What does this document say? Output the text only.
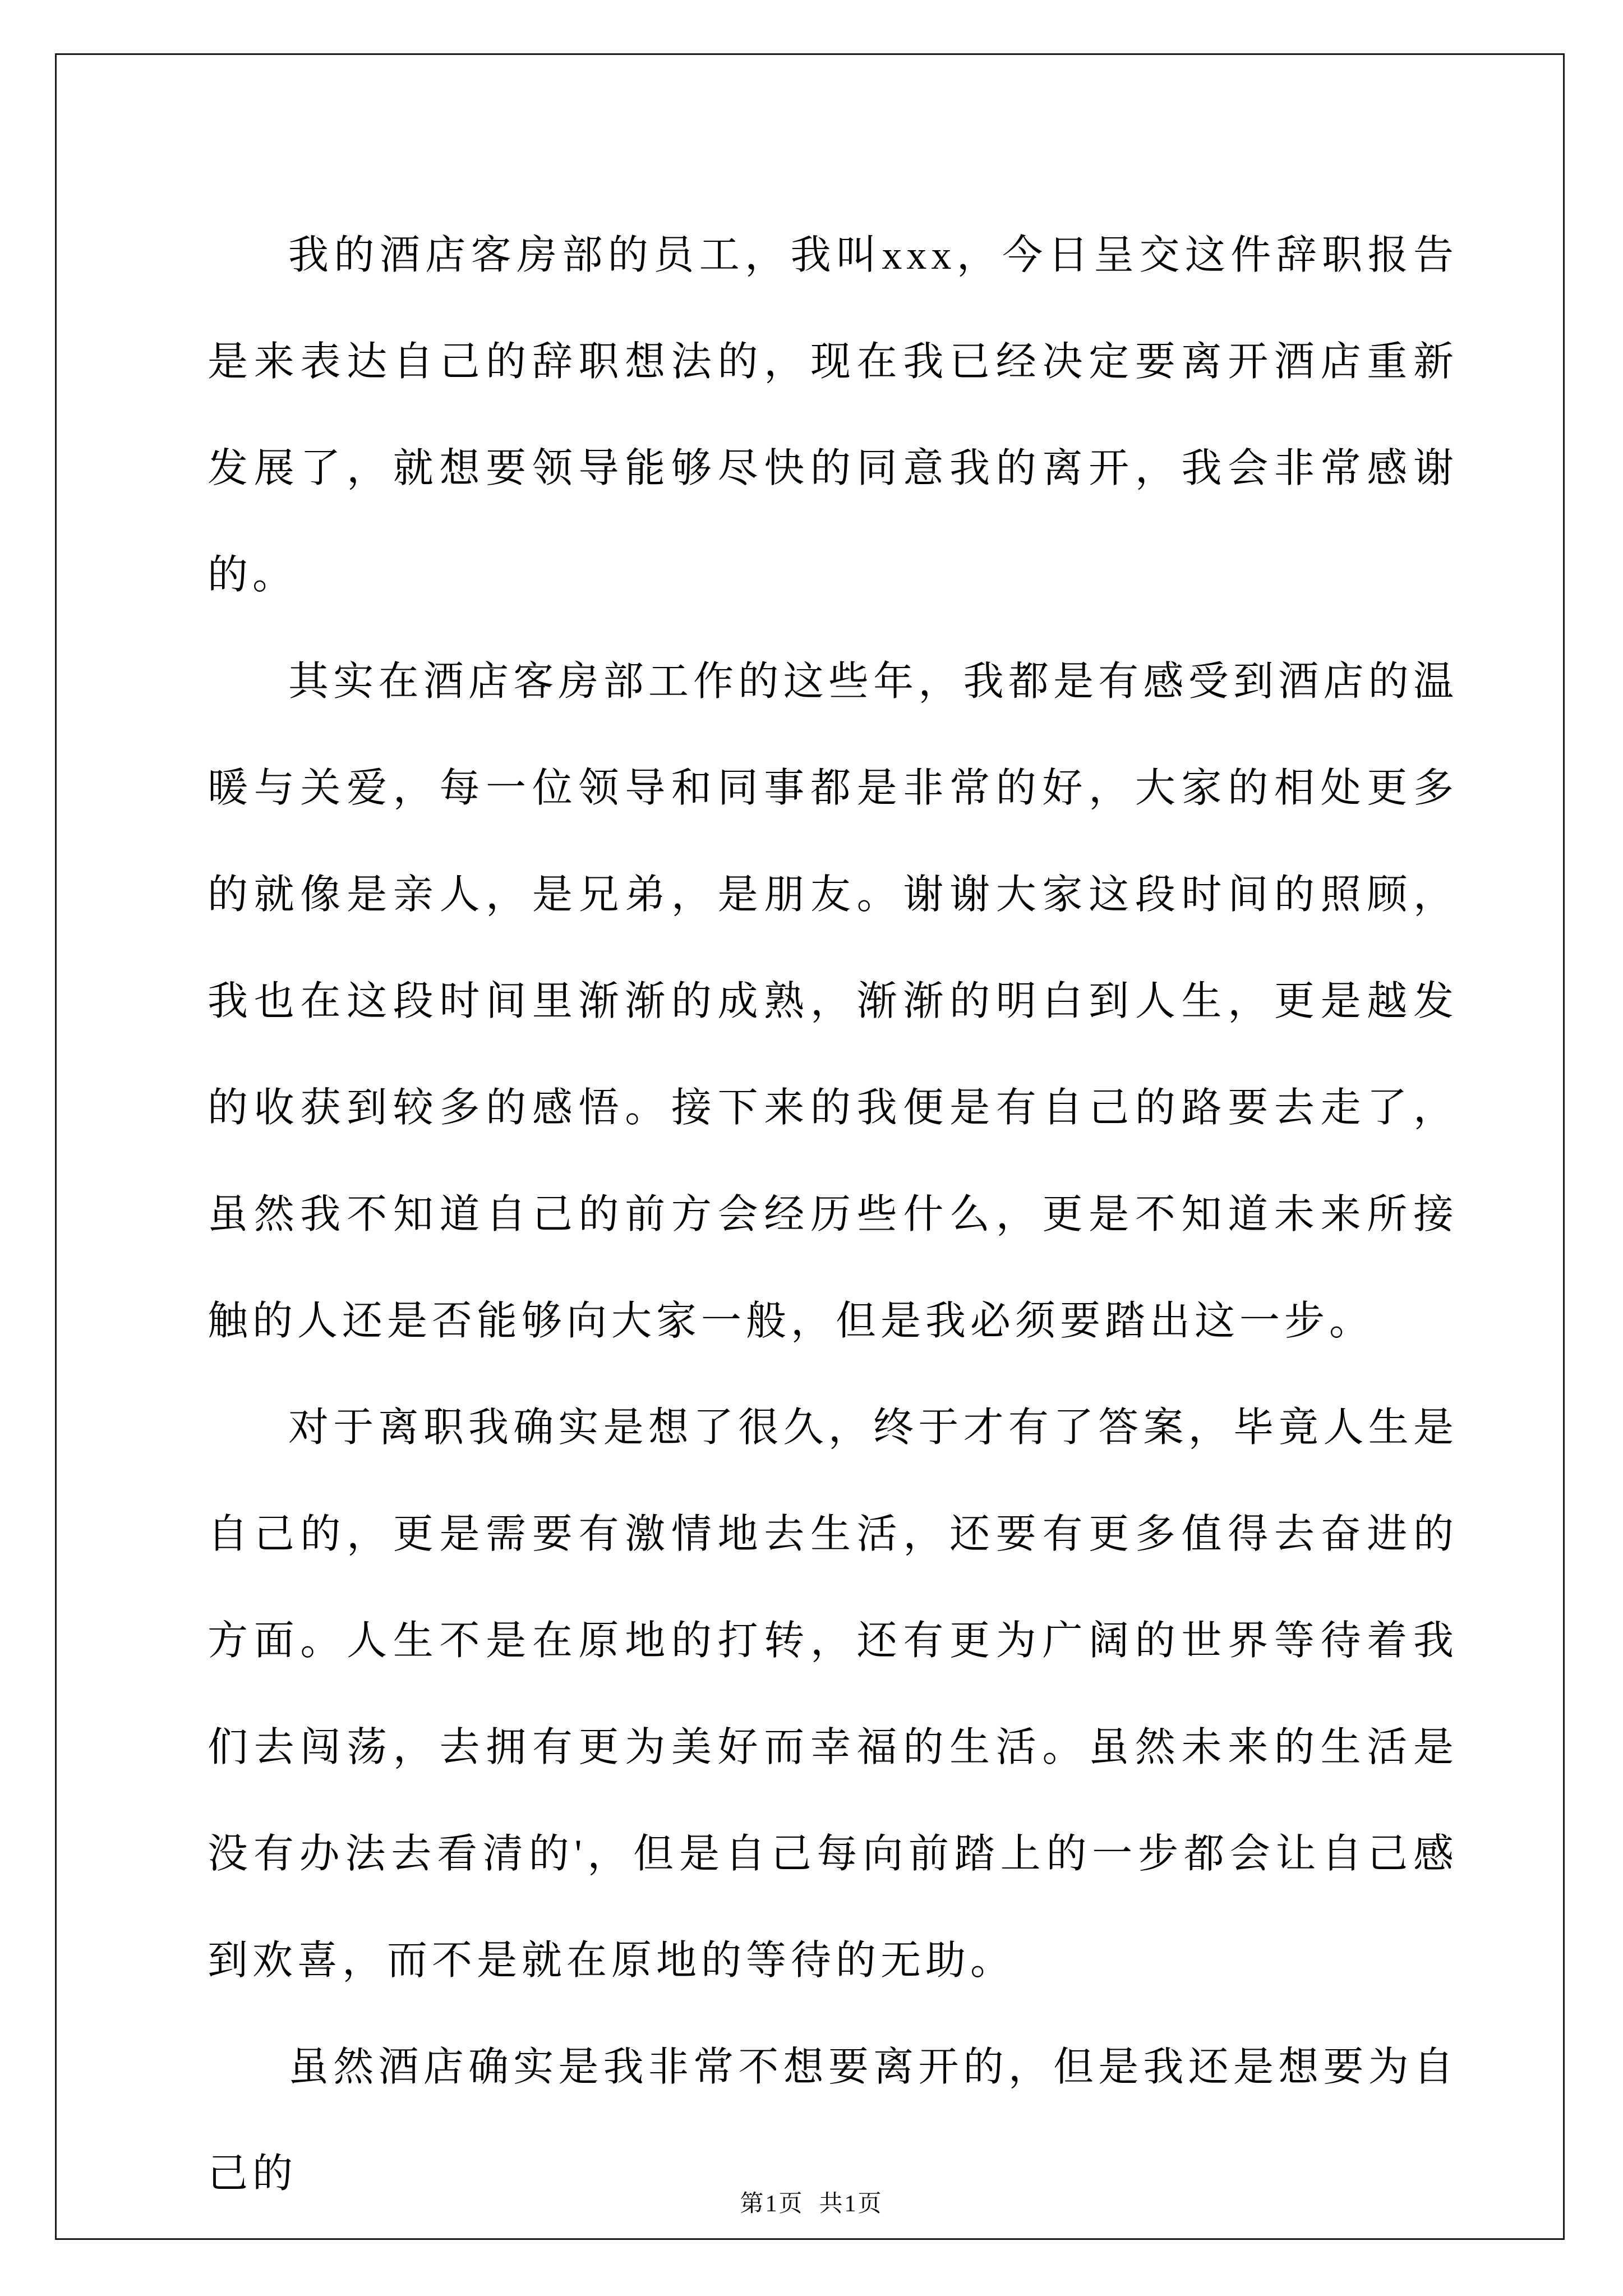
我的酒店客房部的员工，我叫xxx，今日呈交这件辞职报告是来表达自己的辞职想法的，现在我已经决定要离开酒店重新发展了，就想要领导能够尽快的同意我的离开，我会非常感谢的。

其实在酒店客房部工作的这些年，我都是有感受到酒店的温暖与关爱，每一位领导和同事都是非常的好，大家的相处更多的就像是亲人，是兄弟，是朋友。谢谢大家这段时间的照顾，我也在这段时间里渐渐的成熟，渐渐的明白到人生，更是越发的收获到较多的感悟。接下来的我便是有自己的路要去走了，虽然我不知道自己的前方会经历些什么，更是不知道未来所接触的人还是否能够向大家一般，但是我必须要踏出这一步。

对于离职我确实是想了很久，终于才有了答案，毕竟人生是自己的，更是需要有激情地去生活，还要有更多值得去奋进的方面。人生不是在原地的打转，还有更为广阔的世界等待着我们去闯荡，去拥有更为美好而幸福的生活。虽然未来的生活是没有办法去看清的'，但是自己每向前踏上的一步都会让自己感到欢喜，而不是就在原地的等待的无助。

虽然酒店确实是我非常不想要离开的，但是我还是想要为自己的

第1页  共1页
